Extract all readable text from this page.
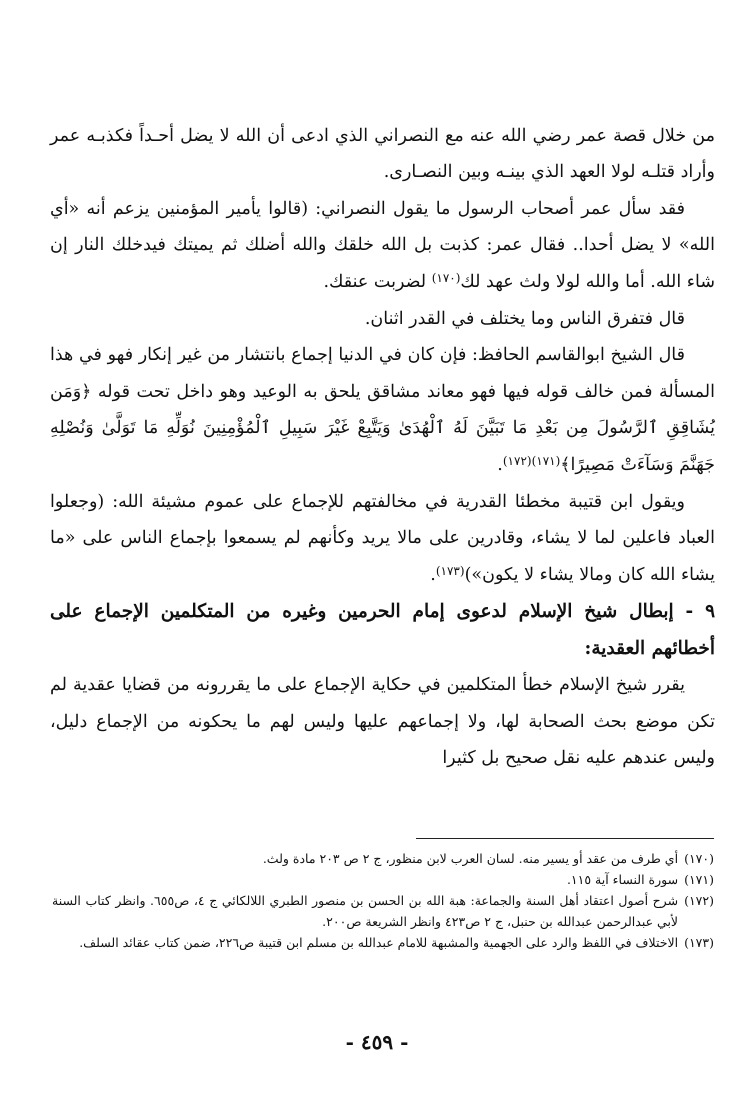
من خلال قصة عمر رضي الله عنه مع النصراني الذي ادعى أن الله لا يضل أحـداً فكذبـه عمر وأراد قتلـه لولا العهد الذي بينـه وبين النصـارى.

فقد سأل عمر أصحاب الرسول ما يقول النصراني: (قالوا يأمير المؤمنين يزعم أنه «أي الله» لا يضل أحدا.. فقال عمر: كذبت بل الله خلقك والله أضلك ثم يميتك فيدخلك النار إن شاء الله. أما والله لولا ولث عهد لك$^{(١٧٠)}$ لضربت عنقك.

قال فتفرق الناس وما يختلف في القدر اثنان.

قال الشيخ ابوالقاسم الحافظ: فإن كان في الدنيا إجماع بانتشار من غير إنكار فهو في هذا المسألة فمن خالف قوله فيها فهو معاند مشاقق يلحق به الوعيد وهو داخل تحت قوله ﴿وَمَن يُشَاقِقِ ٱلرَّسُولَ مِن بَعْدِ مَا تَبَيَّنَ لَهُ ٱلْهُدَىٰ وَيَتَّبِعْ غَيْرَ سَبِيلِ ٱلْمُؤْمِنِينَ نُوَلِّهِ مَا تَوَلَّىٰ وَنُصْلِهِ جَهَنَّمَ وَسَآءَتْ مَصِيرًا﴾$^{(١٧١)(١٧٢)}$.

ويقول ابن قتيبة مخطئا القدرية في مخالفتهم للإجماع على عموم مشيئة الله: (وجعلوا العباد فاعلين لما لا يشاء، وقادرين على مالا يريد وكأنهم لم يسمعوا بإجماع الناس على «ما يشاء الله كان ومالا يشاء لا يكون»)$^{(١٧٣)}$.

٩ - إبطال شيخ الإسلام لدعوى إمام الحرمين وغيره من المتكلمين الإجماع على أخطائهم العقدية:

يقرر شيخ الإسلام خطأ المتكلمين في حكاية الإجماع على ما يقررونه من قضايا عقدية لم تكن موضع بحث الصحابة لها، ولا إجماعهم عليها وليس لهم ما يحكونه من الإجماع دليل، وليس عندهم عليه نقل صحيح بل كثيرا

(١٧٠)
أي طرف من عقد أو يسير منه. لسان العرب لابن منظور، ج ٢ ص ٢٠٣ مادة ولث.

(١٧١)
سورة النساء آية ١١٥.

(١٧٢)
شرح أصول اعتقاد أهل السنة والجماعة: هبة الله بن الحسن بن منصور الطبري اللالكائي ج ٤، ص٦٥٥. وانظر كتاب السنة لأبي عبدالرحمن عبدالله بن حنبل، ج ٢ ص٤٢٣ وانظر الشريعة ص٢٠٠.

(١٧٣)
الاختلاف في اللفظ والرد على الجهمية والمشبهة للامام عبدالله بن مسلم ابن قتيبة ص٢٢٦، ضمن كتاب عقائد السلف.

- ٤٥٩ -
